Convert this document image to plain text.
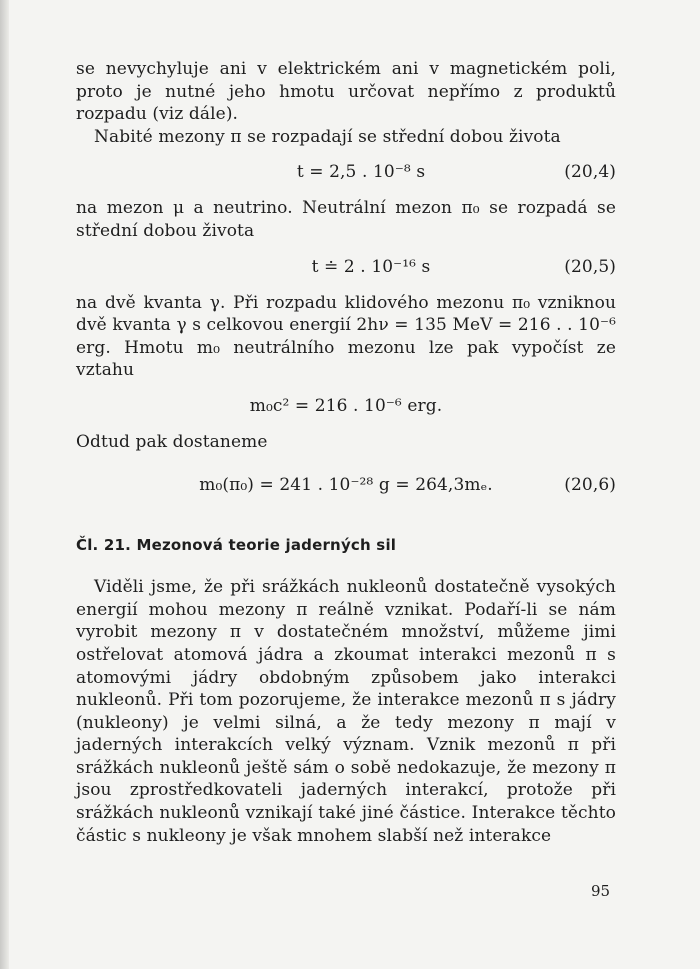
se nevychyluje ani v elektrickém ani v magnetickém poli, proto je nutné jeho hmotu určovat nepřímo z produktů rozpadu (viz dále).

Nabité mezony π se rozpadají se střední dobou života

t = 2,5 . 10⁻⁸ s	(20,4)

na mezon μ a neutrino. Neutrální mezon π₀ se rozpadá se střední dobou života

t ≐ 2 . 10⁻¹⁶ s	(20,5)

na dvě kvanta γ. Při rozpadu klidového mezonu π₀ vzniknou dvě kvanta γ s celkovou energií 2hν = 135 MeV = 216 . . 10⁻⁶ erg. Hmotu m₀ neutrálního mezonu lze pak vypočíst ze vztahu

m₀c² = 216 . 10⁻⁶ erg.

Odtud pak dostaneme

m₀(π₀) = 241 . 10⁻²⁸ g = 264,3mₑ.	(20,6)
Čl. 21. Mezonová teorie jaderných sil

Viděli jsme, že při srážkách nukleonů dostatečně vysokých energií mohou mezony π reálně vznikat. Podaří-li se nám vyrobit mezony π v dostatečném množství, můžeme jimi ostřelovat atomová jádra a zkoumat interakci mezonů π s atomovými jádry obdobným způsobem jako interakci nukleonů. Při tom pozorujeme, že interakce mezonů π s jádry (nukleony) je velmi silná, a že tedy mezony π mají v jaderných interakcích velký význam. Vznik mezonů π při srážkách nukleonů ještě sám o sobě nedokazuje, že mezony π jsou zprostředkovateli jaderných interakcí, protože při srážkách nukleonů vznikají také jiné částice. Interakce těchto částic s nukleony je však mnohem slabší než interakce

95
